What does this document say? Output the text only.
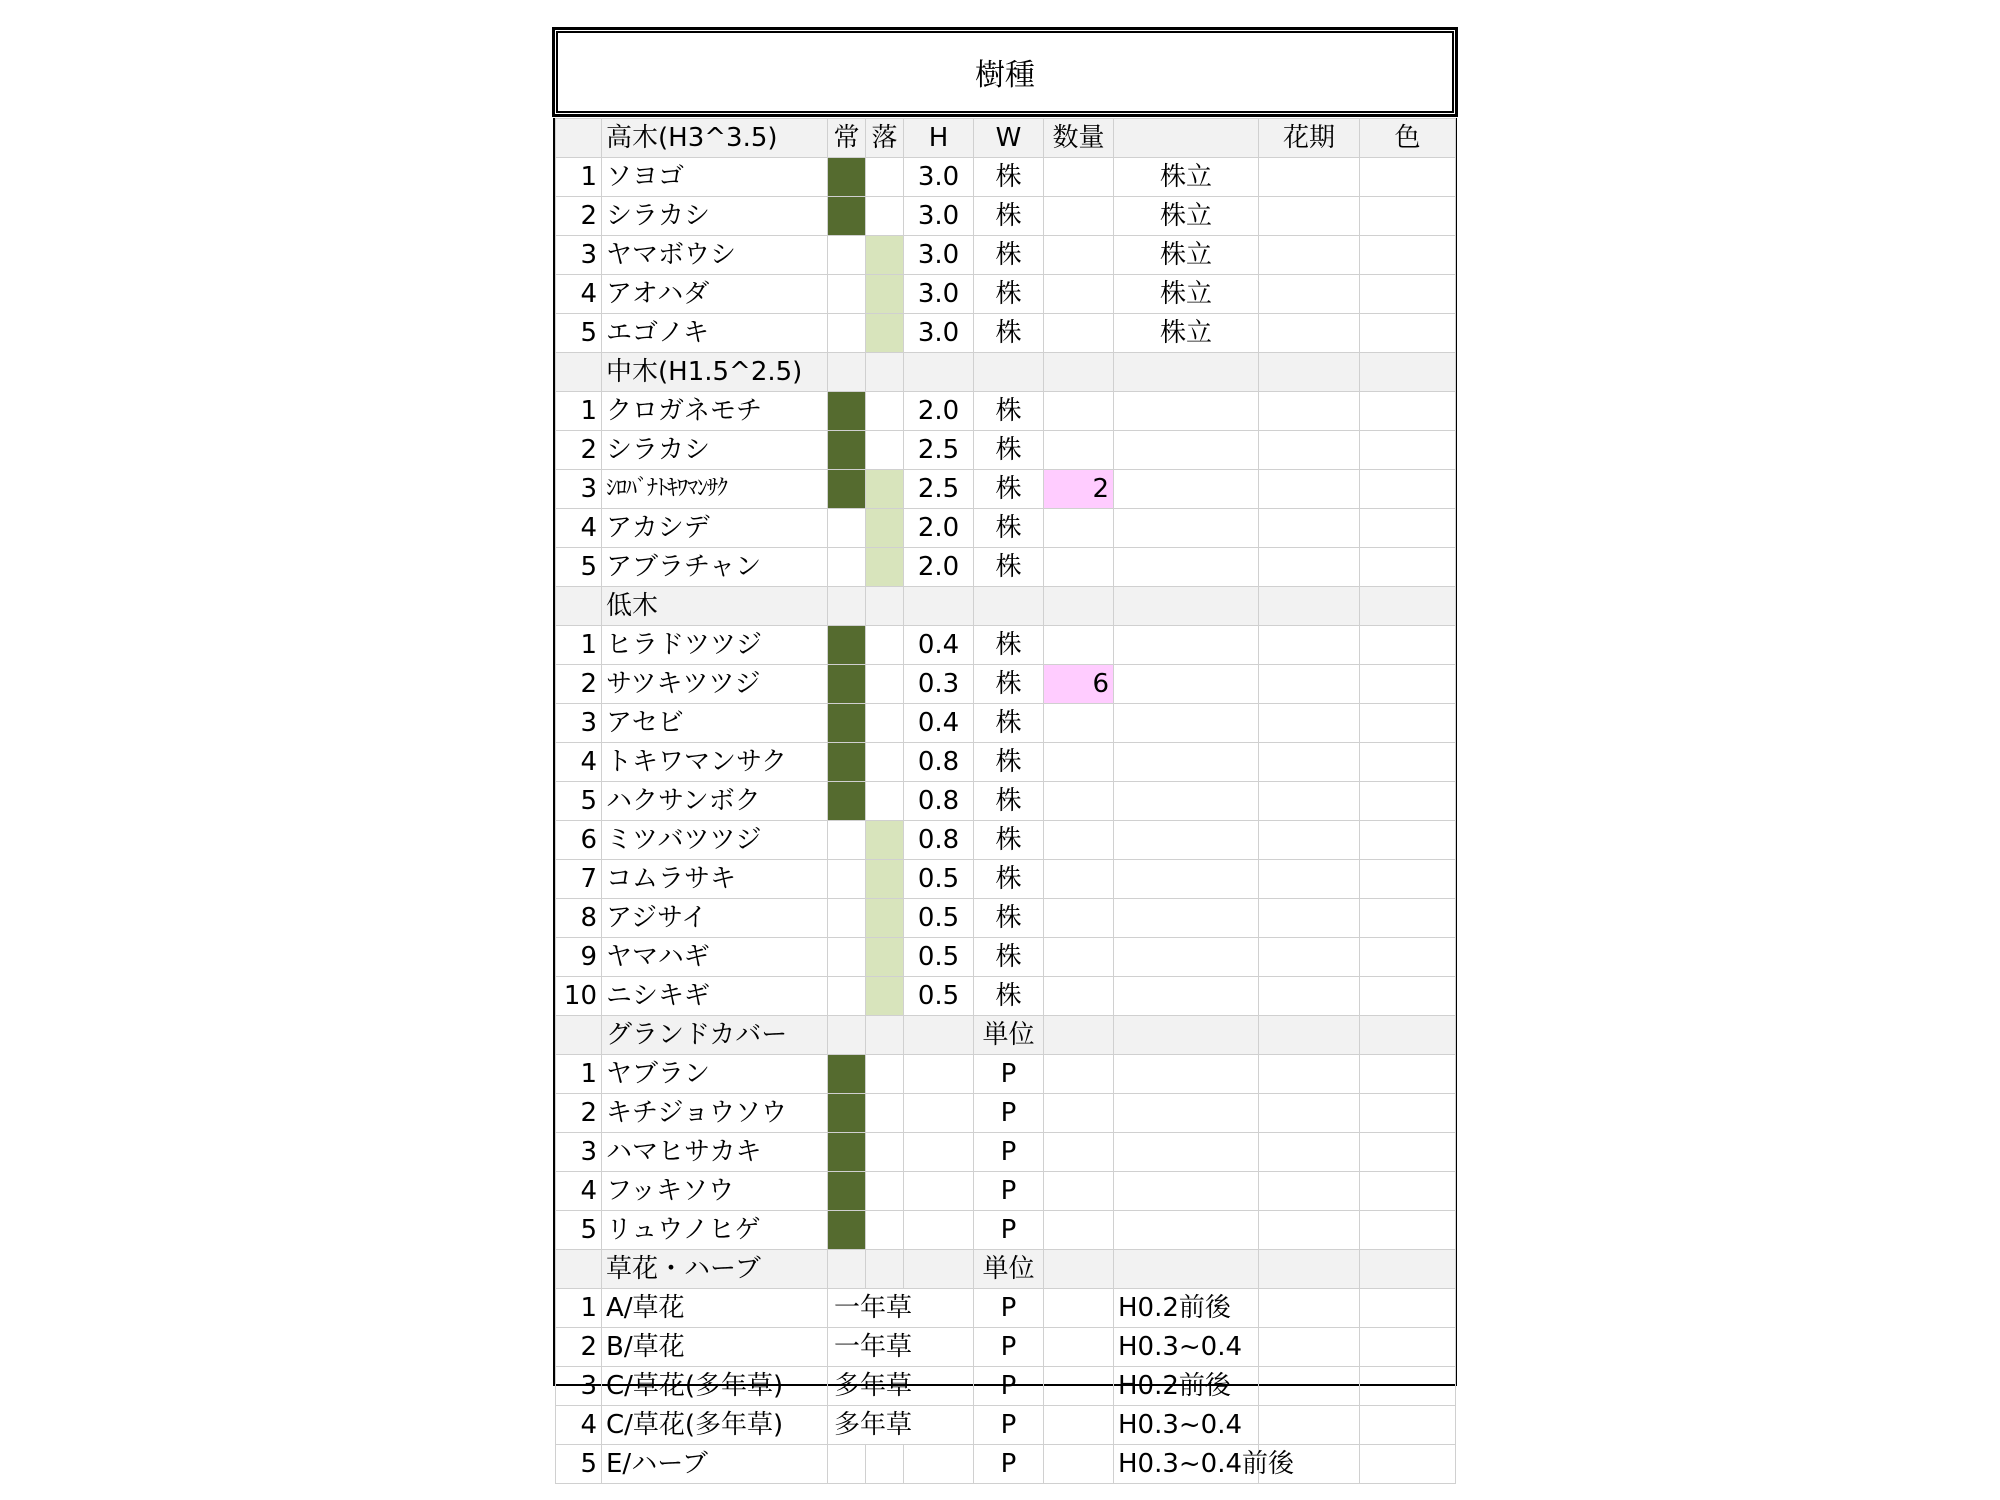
樹種
	高木(H3^3.5)	常	落	H	W	数量		花期	色
1	ソヨゴ			3.0	株		株立		
2	シラカシ			3.0	株		株立		
3	ヤマボウシ			3.0	株		株立		
4	アオハダ			3.0	株		株立		
5	エゴノキ			3.0	株		株立		
	中木(H1.5^2.5)								
1	クロガネモチ			2.0	株				
2	シラカシ			2.5	株				
3	ｼﾛﾊﾞﾅﾄｷﾜﾏﾝｻｸ			2.5	株	2			
4	アカシデ			2.0	株				
5	アブラチャン			2.0	株				
	低木								
1	ヒラドツツジ			0.4	株				
2	サツキツツジ			0.3	株	6			
3	アセビ			0.4	株				
4	トキワマンサク			0.8	株				
5	ハクサンボク			0.8	株				
6	ミツバツツジ			0.8	株				
7	コムラサキ			0.5	株				
8	アジサイ			0.5	株				
9	ヤマハギ			0.5	株				
10	ニシキギ			0.5	株				
	グランドカバー				単位				
1	ヤブラン				P				
2	キチジョウソウ				P				
3	ハマヒサカキ				P				
4	フッキソウ				P				
5	リュウノヒゲ				P				
	草花・ハーブ				単位				
1	A/草花	一年草			P		H0.2前後		
2	B/草花	一年草			P		H0.3~0.4		
3	C/草花(多年草)	多年草			P		H0.2前後		
4	C/草花(多年草)	多年草			P		H0.3~0.4		
5	E/ハーブ				P		H0.3~0.4前後		
